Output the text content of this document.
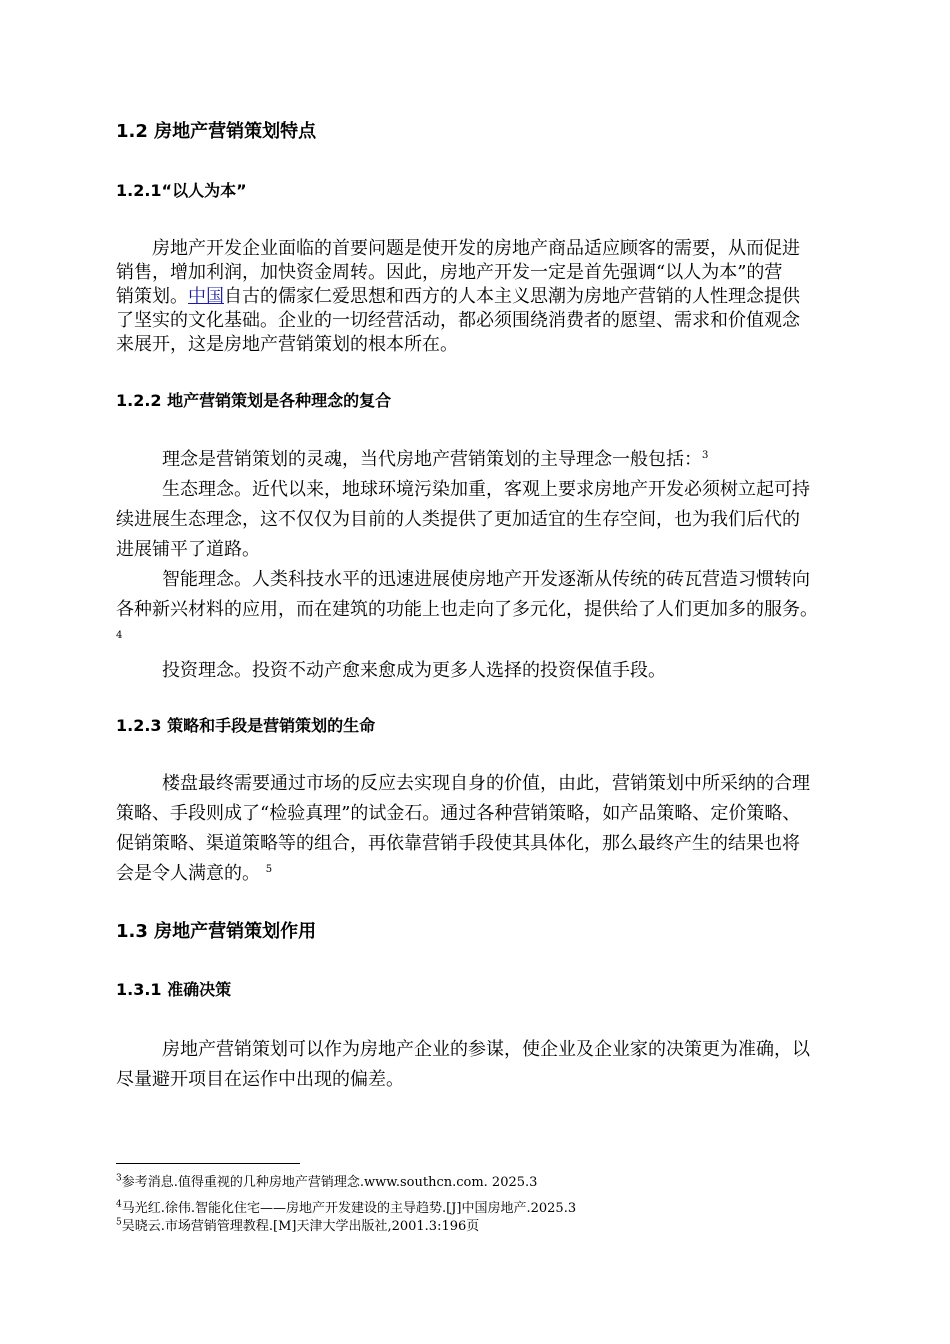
1.2 房地产营销策划特点
1.2.1“以人为本”
房地产开发企业面临的首要问题是使开发的房地产商品适应顾客的需要，从而促进
销售，增加利润，加快资金周转。因此，房地产开发一定是首先强调“以人为本”的营
销策划。中国自古的儒家仁爱思想和西方的人本主义思潮为房地产营销的人性理念提供
了坚实的文化基础。企业的一切经营活动，都必须围绕消费者的愿望、需求和价值观念
来展开，这是房地产营销策划的根本所在。
1.2.2 地产营销策划是各种理念的复合
理念是营销策划的灵魂，当代房地产营销策划的主导理念一般包括：$^3$
生态理念。近代以来，地球环境污染加重，客观上要求房地产开发必须树立起可持
续进展生态理念，这不仅仅为目前的人类提供了更加适宜的生存空间，也为我们后代的
进展铺平了道路。
智能理念。人类科技水平的迅速进展使房地产开发逐渐从传统的砖瓦营造习惯转向
各种新兴材料的应用，而在建筑的功能上也走向了多元化，提供给了人们更加多的服务。
4
投资理念。投资不动产愈来愈成为更多人选择的投资保值手段。
1.2.3 策略和手段是营销策划的生命
楼盘最终需要通过市场的反应去实现自身的价值，由此，营销策划中所采纳的合理
策略、手段则成了“检验真理”的试金石。通过各种营销策略，如产品策略、定价策略、
促销策略、渠道策略等的组合，再依靠营销手段使其具体化，那么最终产生的结果也将
会是令人满意的。 $^5$
1.3 房地产营销策划作用
1.3.1 准确决策
房地产营销策划可以作为房地产企业的参谋，使企业及企业家的决策更为准确，以
尽量避开项目在运作中出现的偏差。
$^3$参考消息.值得重视的几种房地产营销理念.www.southcn.com. 2025.3
$^4$马光红.徐伟.智能化住宅——房地产开发建设的主导趋势.[J]中国房地产.2025.3
$^5$吴晓云.市场营销管理教程.[M]天津大学出版社,2001.3:196页
